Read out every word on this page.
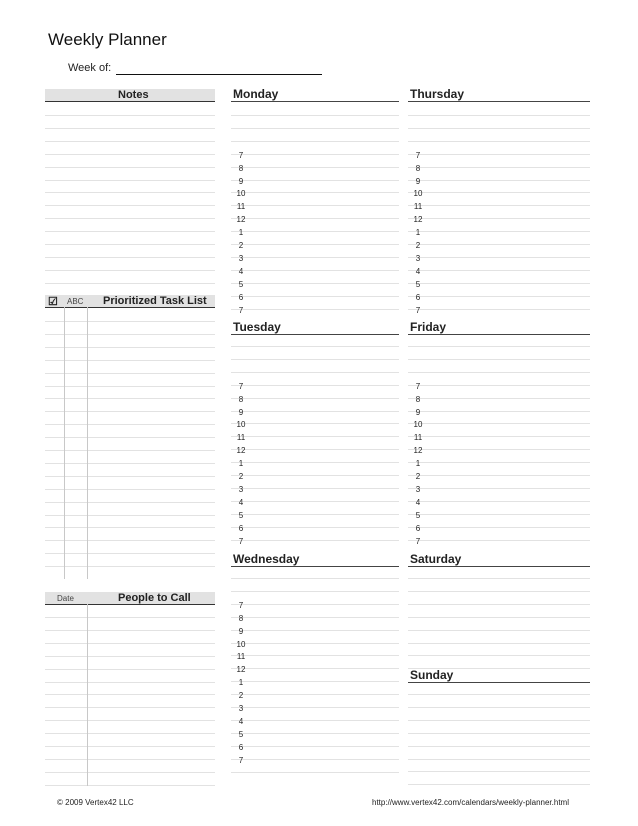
Weekly Planner
Week of:
Notes
☑ ABC Prioritized Task List
Date	People to Call
Monday	Thursday
Tuesday	Friday
Wednesday	Saturday
Sunday
7
8
9
10
11
12
1
2
3
4
5
6
7
7
8
9
10
11
12
1
2
3
4
5
6
7
7
8
9
10
11
12
1
2
3
4
5
6
7
7
8
9
10
11
12
1
2
3
4
5
6
7
7
8
9
10
11
12
1
2
3
4
5
6
7
© 2009 Vertex42 LLC	http://www.vertex42.com/calendars/weekly-planner.html
